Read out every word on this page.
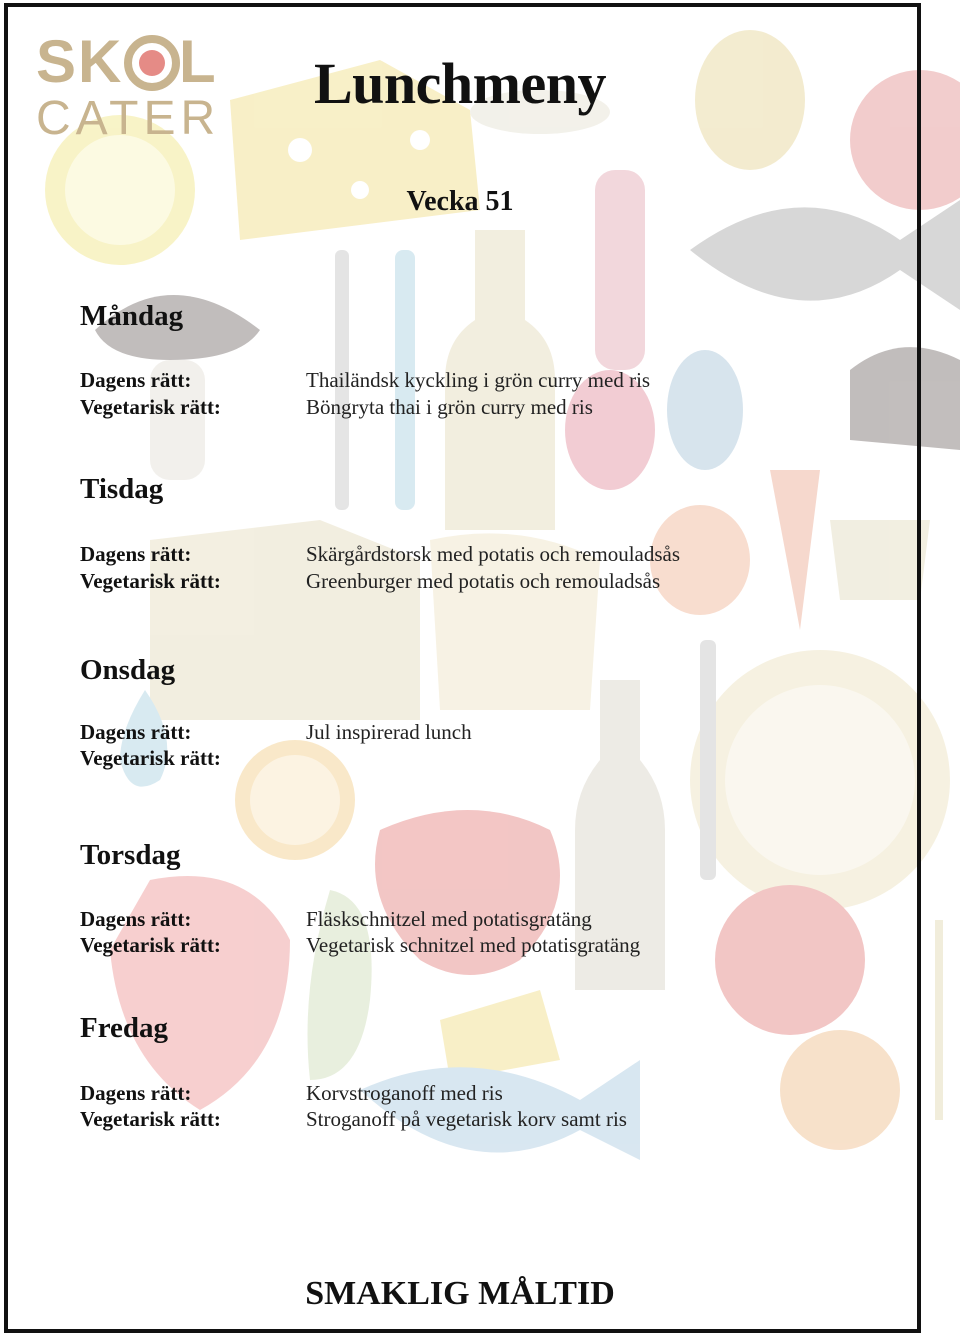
SK L
CATER
Lunchmeny
Vecka 51
Måndag
Dagens rätt:
Vegetarisk rätt:
Thailändsk kyckling i grön curry med ris
Böngryta thai i grön curry med ris
Tisdag
Dagens rätt:
Vegetarisk rätt:
Skärgårdstorsk med potatis och remouladsås
Greenburger med potatis och remouladsås
Onsdag
Dagens rätt:
Vegetarisk rätt:
Jul inspirerad lunch
Torsdag
Dagens rätt:
Vegetarisk rätt:
Fläskschnitzel med potatisgratäng
Vegetarisk schnitzel med potatisgratäng
Fredag
Dagens rätt:
Vegetarisk rätt:
Korvstroganoff med ris
Stroganoff på vegetarisk korv samt ris
SMAKLIG MÅLTID
